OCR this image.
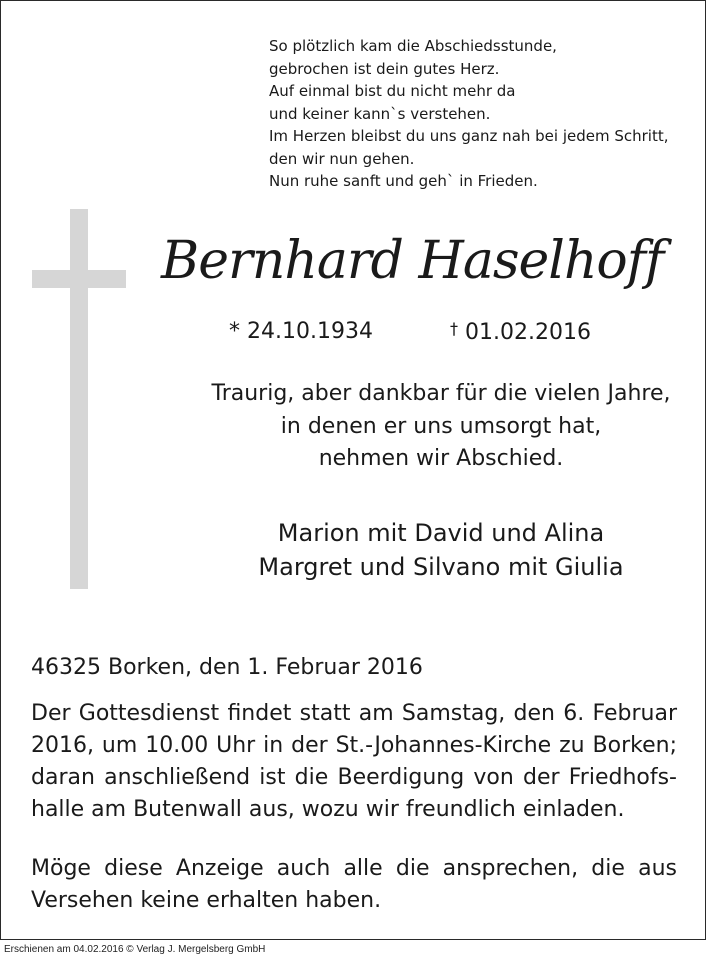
So plötzlich kam die Abschiedsstunde,
gebrochen ist dein gutes Herz.
Auf einmal bist du nicht mehr da
und keiner kann`s verstehen.
Im Herzen bleibst du uns ganz nah bei jedem Schritt,
den wir nun gehen.
Nun ruhe sanft und geh` in Frieden.
Bernhard Haselhoff
* 24.10.1934	† 01.02.2016
Traurig, aber dankbar für die vielen Jahre,
in denen er uns umsorgt hat,
nehmen wir Abschied.
Marion mit David und Alina
Margret und Silvano mit Giulia
46325 Borken, den 1. Februar 2016
Der Gottesdienst findet statt am Samstag, den 6. Februar
2016, um 10.00 Uhr in der St.-Johannes-Kirche zu Borken;
daran anschließend ist die Beerdigung von der Friedhofs-
halle am Butenwall aus, wozu wir freundlich einladen.
Möge diese Anzeige auch alle die ansprechen, die aus
Versehen keine erhalten haben.
Erschienen am 04.02.2016 © Verlag J. Mergelsberg GmbH
